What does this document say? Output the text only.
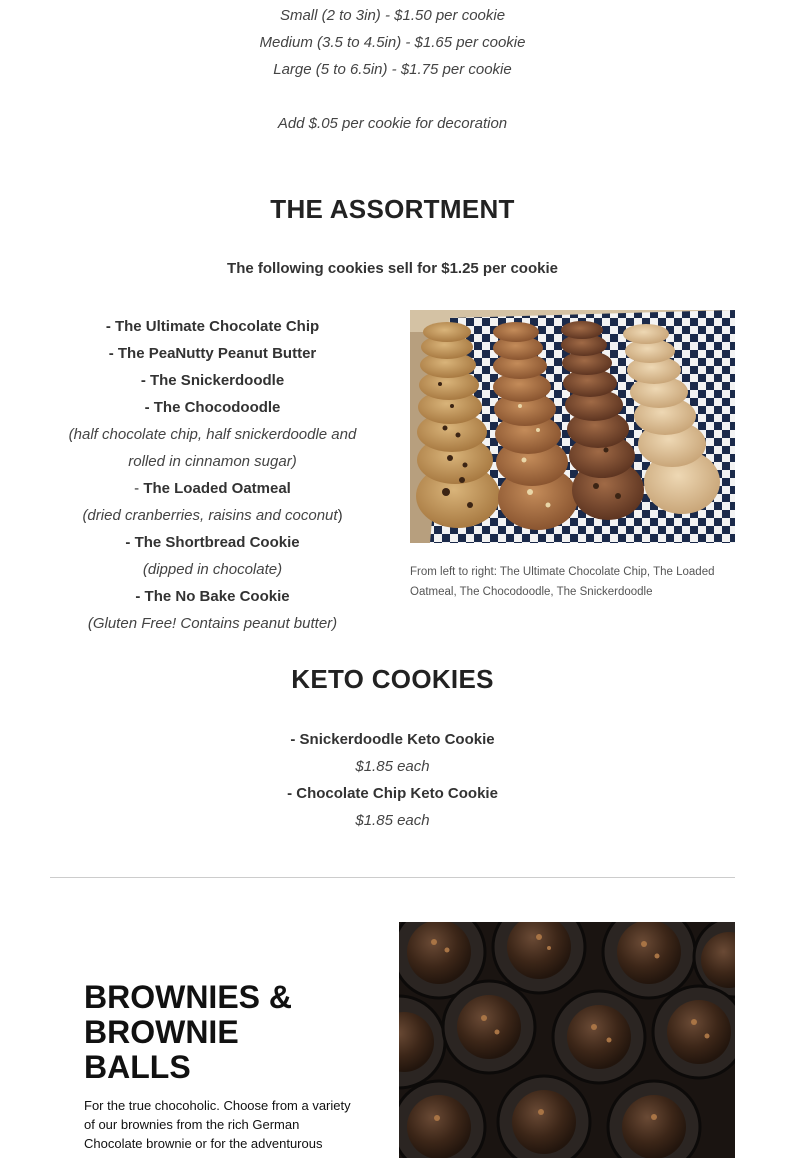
Small (2 to 3in) - $1.50 per cookie
Medium (3.5 to 4.5in) - $1.65 per cookie
Large (5 to 6.5in) - $1.75 per cookie
Add $.05 per cookie for decoration
THE ASSORTMENT
The following cookies sell for $1.25 per cookie
- The Ultimate Chocolate Chip
- The PeaNutty Peanut Butter
- The Snickerdoodle
- The Chocodoodle
(half chocolate chip, half snickerdoodle and
rolled in cinnamon sugar)
- The Loaded Oatmeal
(dried cranberries, raisins and coconut)
- The Shortbread Cookie
(dipped in chocolate)
- The No Bake Cookie
(Gluten Free! Contains peanut butter)
From left to right: The Ultimate Chocolate Chip, The Loaded Oatmeal, The Chocodoodle, The Snickerdoodle
KETO COOKIES
- Snickerdoodle Keto Cookie
$1.85 each
- Chocolate Chip Keto Cookie
$1.85 each
BROWNIES &
BROWNIE
BALLS
For the true chocoholic. Choose from a variety of our brownies from the rich German Chocolate brownie or for the adventurous
